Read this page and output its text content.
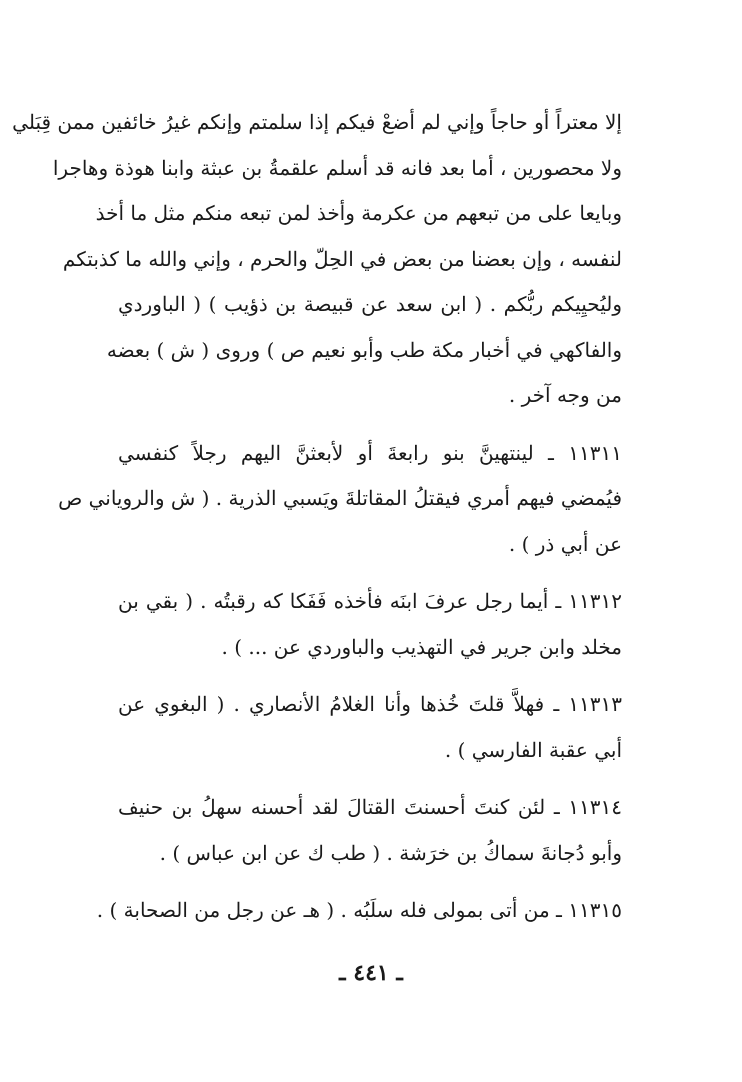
إلا معتراً أو حاجاً وإني لم أضعْ فيكم إذا سلمتم وإنكم غيرُ خائفين ممن قِبَلي
ولا محصورين ، أما بعد فانه قد أسلم علقمةُ بن عبثة وابنا هوذة وهاجرا
وبايعا على من تبعهم من عكرمة وأخذ لمن تبعه منكم مثل ما أخذ
لنفسه ، وإن بعضنا من بعض في الحِلّ والحرم ، وإني والله ما كذبتكم
وليُحيِيكم ربُّكم . ( ابن سعد عن قبيصة بن ذؤيب ) ( الباوردي
والفاكهي في أخبار مكة طب وأبو نعيم ص ) وروى ( ش ) بعضه
من وجه آخر .
١١٣١١ ـ لينتهينَّ بنو رابعةَ أو لأبعثنَّ اليهم رجلاً كنفسي
فيُمضي فيهم أمري فيقتلُ المقاتلةَ ويَسبي الذرية . ( ش والروياني ص
عن أبي ذر ) .
١١٣١٢ ـ أيما رجل عرفَ ابنَه فأخذه فَفَكا كه رقبتُه . ( بقي بن
مخلد وابن جرير في التهذيب والباوردي عن ... ) .
١١٣١٣ ـ فهلاَّ قلتَ خُذها وأنا الغلامُ الأنصاري . ( البغوي عن
أبي عقبة الفارسي ) .
١١٣١٤ ـ لئن كنتَ أحسنتَ القتالَ لقد أحسنه سهلُ بن حنيف
وأبو دُجانةَ سماكُ بن خرَشة . ( طب ك عن ابن عباس ) .
١١٣١٥ ـ من أتى بمولى فله سلَبُه . ( هـ عن رجل من الصحابة ) .
ـ ٤٤١ ـ
